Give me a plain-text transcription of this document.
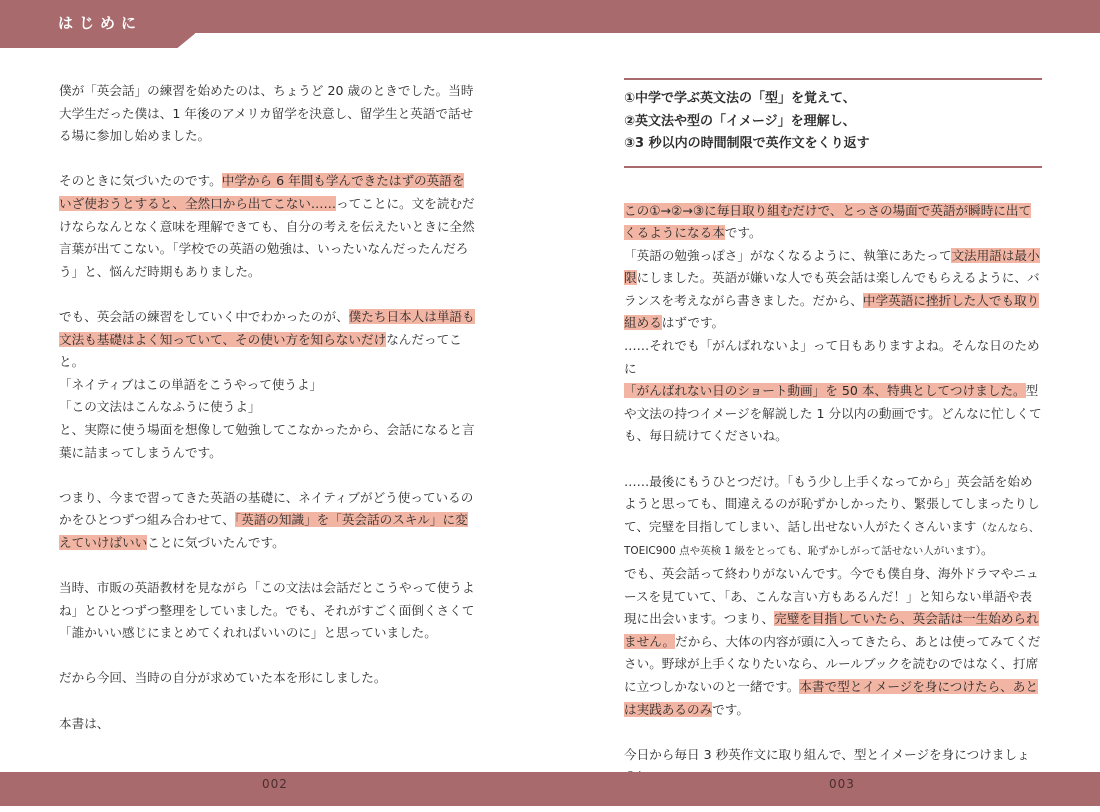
はじめに

僕が「英会話」の練習を始めたのは、ちょうど 20 歳のときでした。当時大学生だった僕は、1 年後のアメリカ留学を決意し、留学生と英語で話せる場に参加し始めました。

そのときに気づいたのです。中学から 6 年間も学んできたはずの英語をいざ使おうとすると、全然口から出てこない……ってことに。文を読むだけならなんとなく意味を理解できても、自分の考えを伝えたいときに全然言葉が出てこない。「学校での英語の勉強は、いったいなんだったんだろう」と、悩んだ時期もありました。

でも、英会話の練習をしていく中でわかったのが、僕たち日本人は単語も文法も基礎はよく知っていて、その使い方を知らないだけなんだってこと。

「ネイティブはこの単語をこうやって使うよ」

「この文法はこんなふうに使うよ」

と、実際に使う場面を想像して勉強してこなかったから、会話になると言葉に詰まってしまうんです。

つまり、今まで習ってきた英語の基礎に、ネイティブがどう使っているのかをひとつずつ組み合わせて、「英語の知識」を「英会話のスキル」に変えていけばいいことに気づいたんです。

当時、市販の英語教材を見ながら「この文法は会話だとこうやって使うよね」とひとつずつ整理をしていました。でも、それがすごく面倒くさくて「誰かいい感じにまとめてくれればいいのに」と思っていました。

だから今回、当時の自分が求めていた本を形にしました。

本書は、

①中学で学ぶ英文法の「型」を覚えて、

②英文法や型の「イメージ」を理解し、

③3 秒以内の時間制限で英作文をくり返す

この①→②→③に毎日取り組むだけで、とっさの場面で英語が瞬時に出てくるようになる本です。

「英語の勉強っぽさ」がなくなるように、執筆にあたって文法用語は最小限にしました。英語が嫌いな人でも英会話は楽しんでもらえるように、バランスを考えながら書きました。だから、中学英語に挫折した人でも取り組めるはずです。

……それでも「がんばれないよ」って日もありますよね。そんな日のために

「がんばれない日のショート動画」を 50 本、特典としてつけました。型や文法の持つイメージを解説した 1 分以内の動画です。どんなに忙しくても、毎日続けてくださいね。

……最後にもうひとつだけ。「もう少し上手くなってから」英会話を始めようと思っても、間違えるのが恥ずかしかったり、緊張してしまったりして、完璧を目指してしまい、話し出せない人がたくさんいます（なんなら、TOEIC900 点や英検 1 級をとっても、恥ずかしがって話せない人がいます）。

でも、英会話って終わりがないんです。今でも僕自身、海外ドラマやニュースを見ていて、「あ、こんな言い方もあるんだ！」と知らない単語や表現に出会います。つまり、完璧を目指していたら、英会話は一生始められません。だから、大体の内容が頭に入ってきたら、あとは使ってみてください。野球が上手くなりたいなら、ルールブックを読むのではなく、打席に立つしかないのと一緒です。本書で型とイメージを身につけたら、あとは実践あるのみです。

今日から毎日 3 秒英作文に取り組んで、型とイメージを身につけましょ

002	003
